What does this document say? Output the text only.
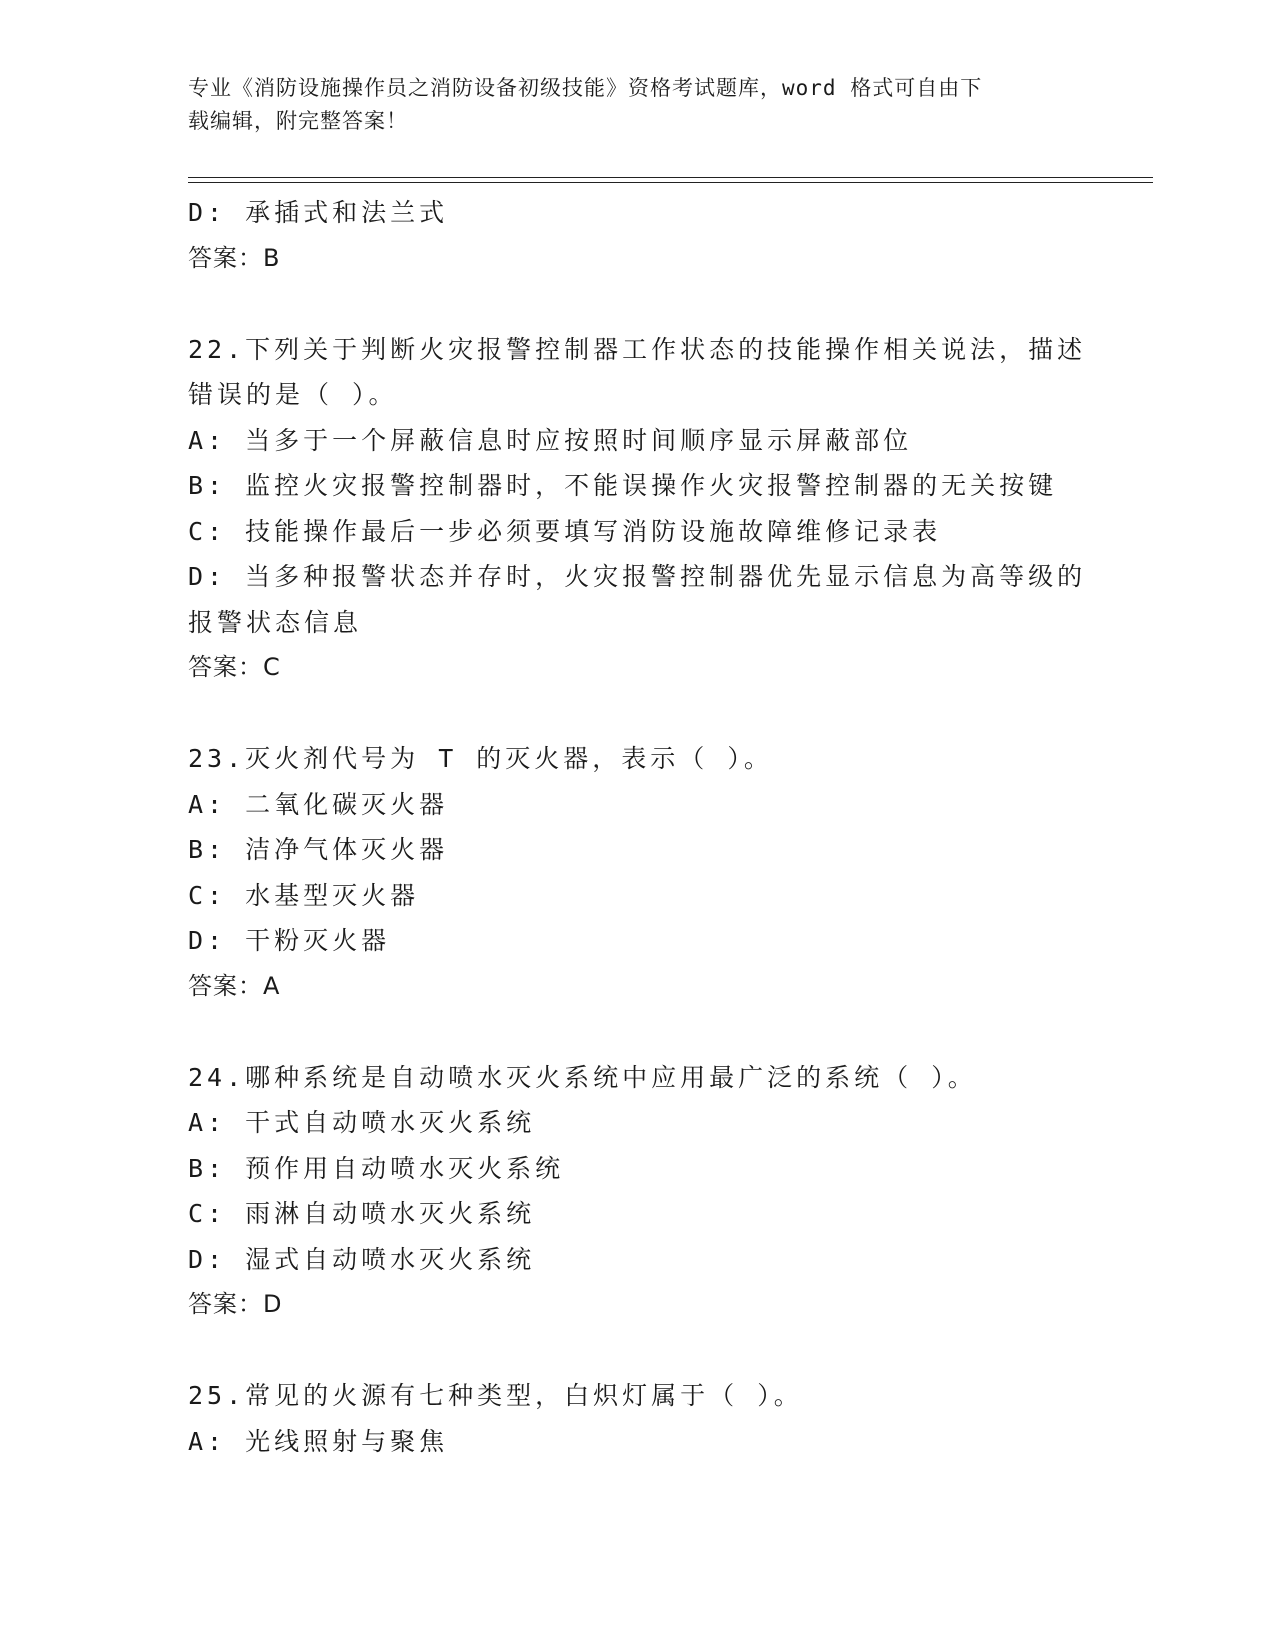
专业《消防设施操作员之消防设备初级技能》资格考试题库，word 格式可自由下
载编辑，附完整答案！
D: 承插式和法兰式
答案：B
22.下列关于判断火灾报警控制器工作状态的技能操作相关说法，描述
错误的是（ ）。
A: 当多于一个屏蔽信息时应按照时间顺序显示屏蔽部位
B: 监控火灾报警控制器时，不能误操作火灾报警控制器的无关按键
C: 技能操作最后一步必须要填写消防设施故障维修记录表
D: 当多种报警状态并存时，火灾报警控制器优先显示信息为高等级的
报警状态信息
答案：C
23.灭火剂代号为 T 的灭火器，表示（ ）。
A: 二氧化碳灭火器
B: 洁净气体灭火器
C: 水基型灭火器
D: 干粉灭火器
答案：A
24.哪种系统是自动喷水灭火系统中应用最广泛的系统（ ）。
A: 干式自动喷水灭火系统
B: 预作用自动喷水灭火系统
C: 雨淋自动喷水灭火系统
D: 湿式自动喷水灭火系统
答案：D
25.常见的火源有七种类型，白炽灯属于（ ）。
A: 光线照射与聚焦
